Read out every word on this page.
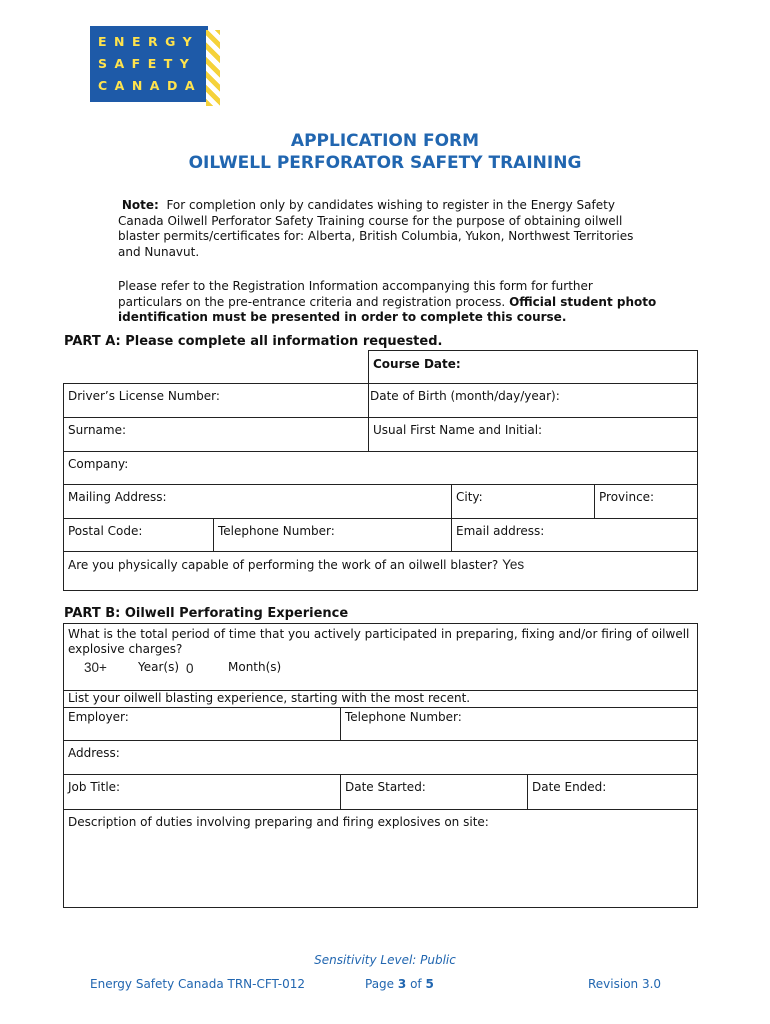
ENERGY
SAFETY
CANADA
APPLICATION FORM
OILWELL PERFORATOR SAFETY TRAINING
Note: For completion only by candidates wishing to register in the Energy Safety Canada Oilwell Perforator Safety Training course for the purpose of obtaining oilwell blaster permits/certificates for: Alberta, British Columbia, Yukon, Northwest Territories and Nunavut.
Please refer to the Registration Information accompanying this form for further particulars on the pre-entrance criteria and registration process. Official student photo identification must be presented in order to complete this course.
PART A: Please complete all information requested.
Course Date:
Driver’s License Number:	Date of Birth (month/day/year):
Surname:	Usual First Name and Initial:
Company:
Mailing Address:	City:	Province:
Postal Code:	Telephone Number:	Email address:
Are you physically capable of performing the work of an oilwell blaster? Yes
PART B: Oilwell Perforating Experience
What is the total period of time that you actively participated in preparing, fixing and/or firing of oilwell explosive charges?
30+	Year(s) 0	Month(s)
List your oilwell blasting experience, starting with the most recent.
Employer:	Telephone Number:
Address:
Job Title:	Date Started:	Date Ended:
Description of duties involving preparing and firing explosives on site:
Sensitivity Level: Public
Energy Safety Canada TRN-CFT-012	Page 3 of 5	Revision 3.0
